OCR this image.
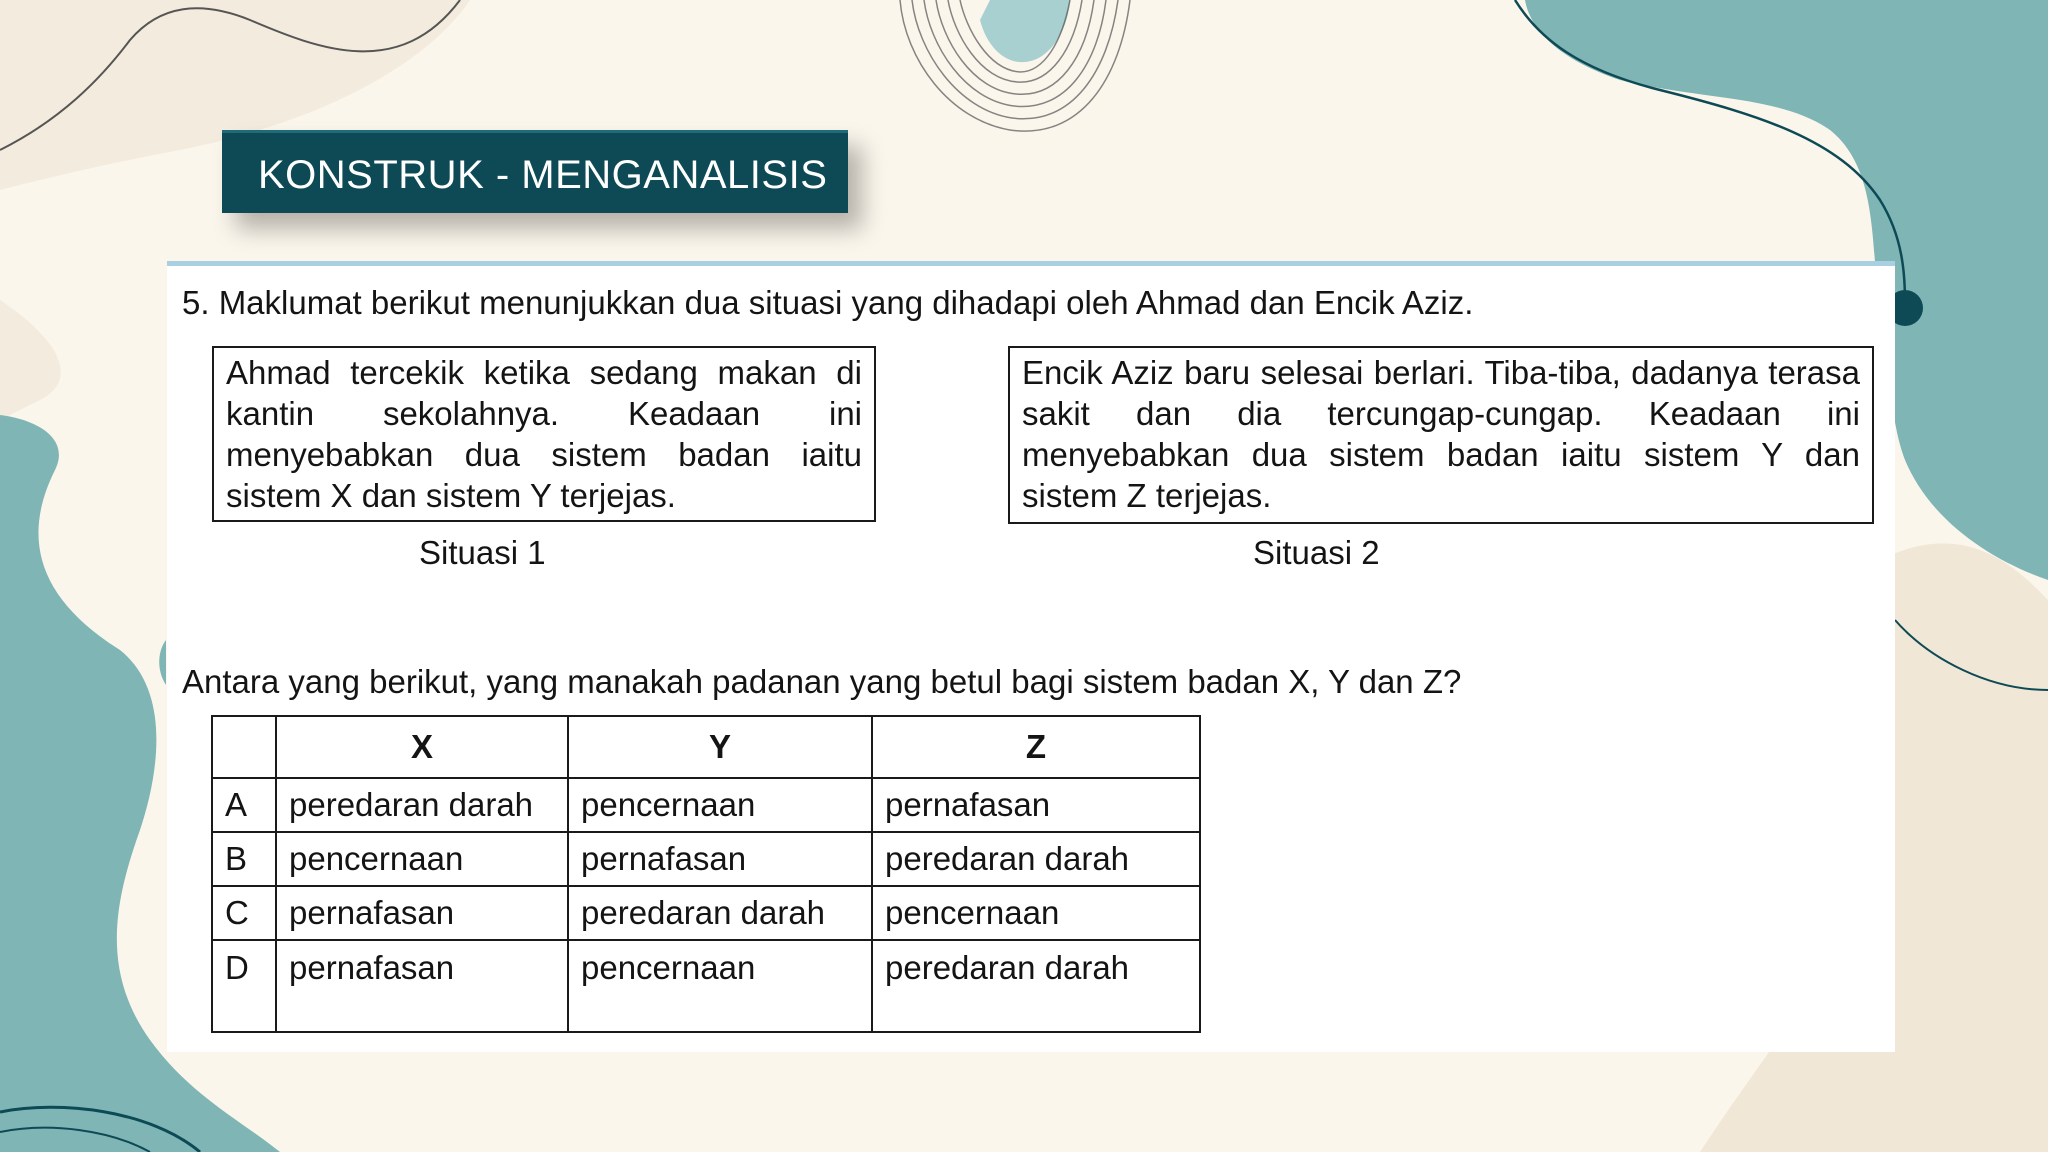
KONSTRUK - MENGANALISIS
5. Maklumat berikut menunjukkan dua situasi yang dihadapi oleh Ahmad dan Encik Aziz.
Ahmad tercekik ketika sedang makan di kantin sekolahnya. Keadaan ini menyebabkan dua sistem badan iaitu sistem X dan sistem Y terjejas.
Encik Aziz baru selesai berlari. Tiba-tiba, dadanya terasa sakit dan dia tercungap-cungap. Keadaan ini menyebabkan dua sistem badan iaitu sistem Y dan sistem Z terjejas.
Situasi 1	Situasi 2
Antara yang berikut, yang manakah padanan yang betul bagi sistem badan X, Y dan Z?
	X	Y	Z
A	peredaran darah	pencernaan	pernafasan
B	pencernaan	pernafasan	peredaran darah
C	pernafasan	peredaran darah	pencernaan
D	pernafasan	pencernaan	peredaran darah
